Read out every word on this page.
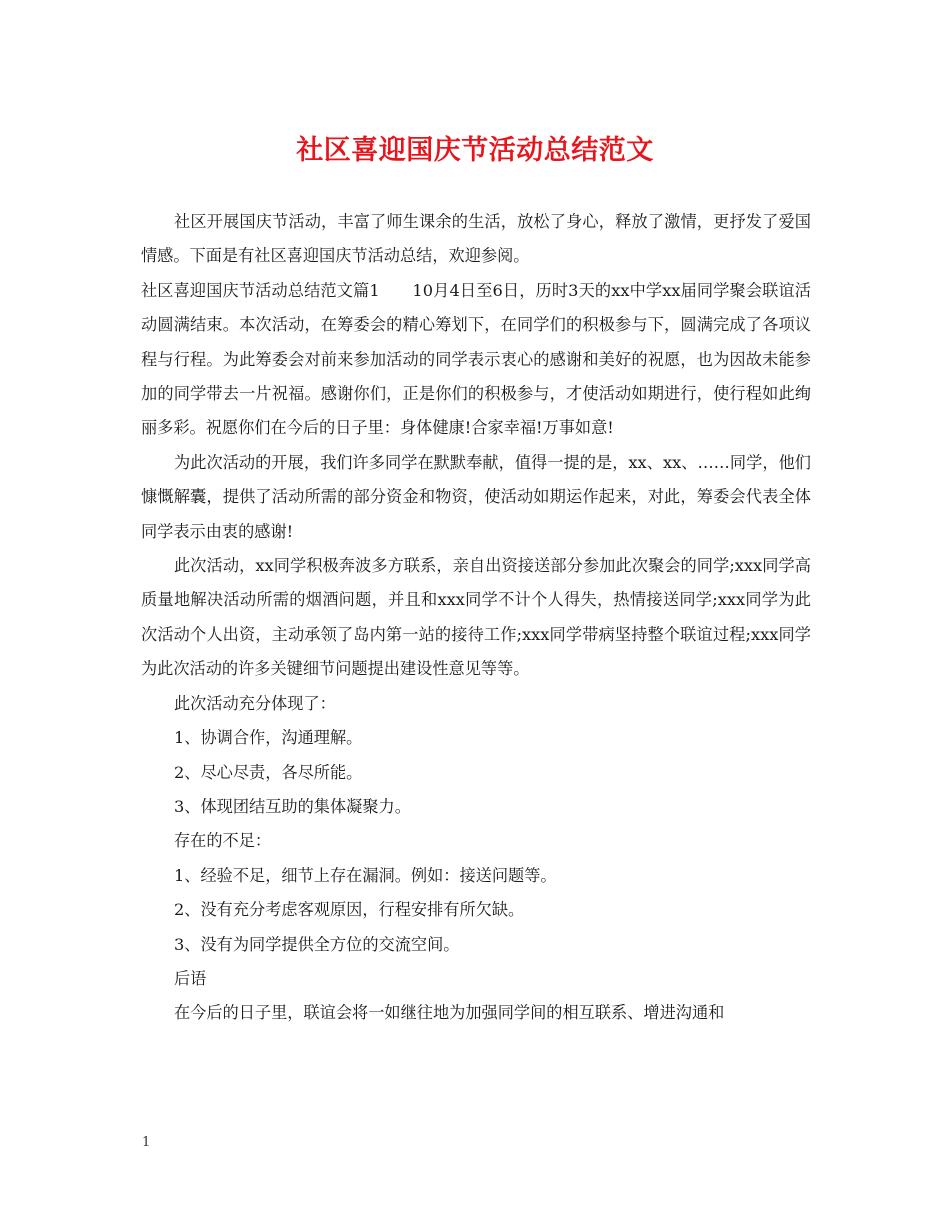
社区喜迎国庆节活动总结范文

社区开展国庆节活动，丰富了师生课余的生活，放松了身心，释放了激情，更抒发了爱国情感。下面是有社区喜迎国庆节活动总结，欢迎参阅。

社区喜迎国庆节活动总结范文篇1　　10月4日至6日，历时3天的xx中学xx届同学聚会联谊活动圆满结束。本次活动，在筹委会的精心筹划下，在同学们的积极参与下，圆满完成了各项议程与行程。为此筹委会对前来参加活动的同学表示衷心的感谢和美好的祝愿，也为因故未能参加的同学带去一片祝福。感谢你们，正是你们的积极参与，才使活动如期进行，使行程如此绚丽多彩。祝愿你们在今后的日子里：身体健康!合家幸福!万事如意!

为此次活动的开展，我们许多同学在默默奉献，值得一提的是，xx、xx、……同学，他们慷慨解囊，提供了活动所需的部分资金和物资，使活动如期运作起来，对此，筹委会代表全体同学表示由衷的感谢!

此次活动，xx同学积极奔波多方联系，亲自出资接送部分参加此次聚会的同学;xxx同学高质量地解决活动所需的烟酒问题，并且和xxx同学不计个人得失，热情接送同学;xxx同学为此次活动个人出资，主动承领了岛内第一站的接待工作;xxx同学带病坚持整个联谊过程;xxx同学为此次活动的许多关键细节问题提出建设性意见等等。

此次活动充分体现了：

1、协调合作，沟通理解。

2、尽心尽责，各尽所能。

3、体现团结互助的集体凝聚力。

存在的不足：

1、经验不足，细节上存在漏洞。例如：接送问题等。

2、没有充分考虑客观原因，行程安排有所欠缺。

3、没有为同学提供全方位的交流空间。

后语

在今后的日子里，联谊会将一如继往地为加强同学间的相互联系、增进沟通和

1
